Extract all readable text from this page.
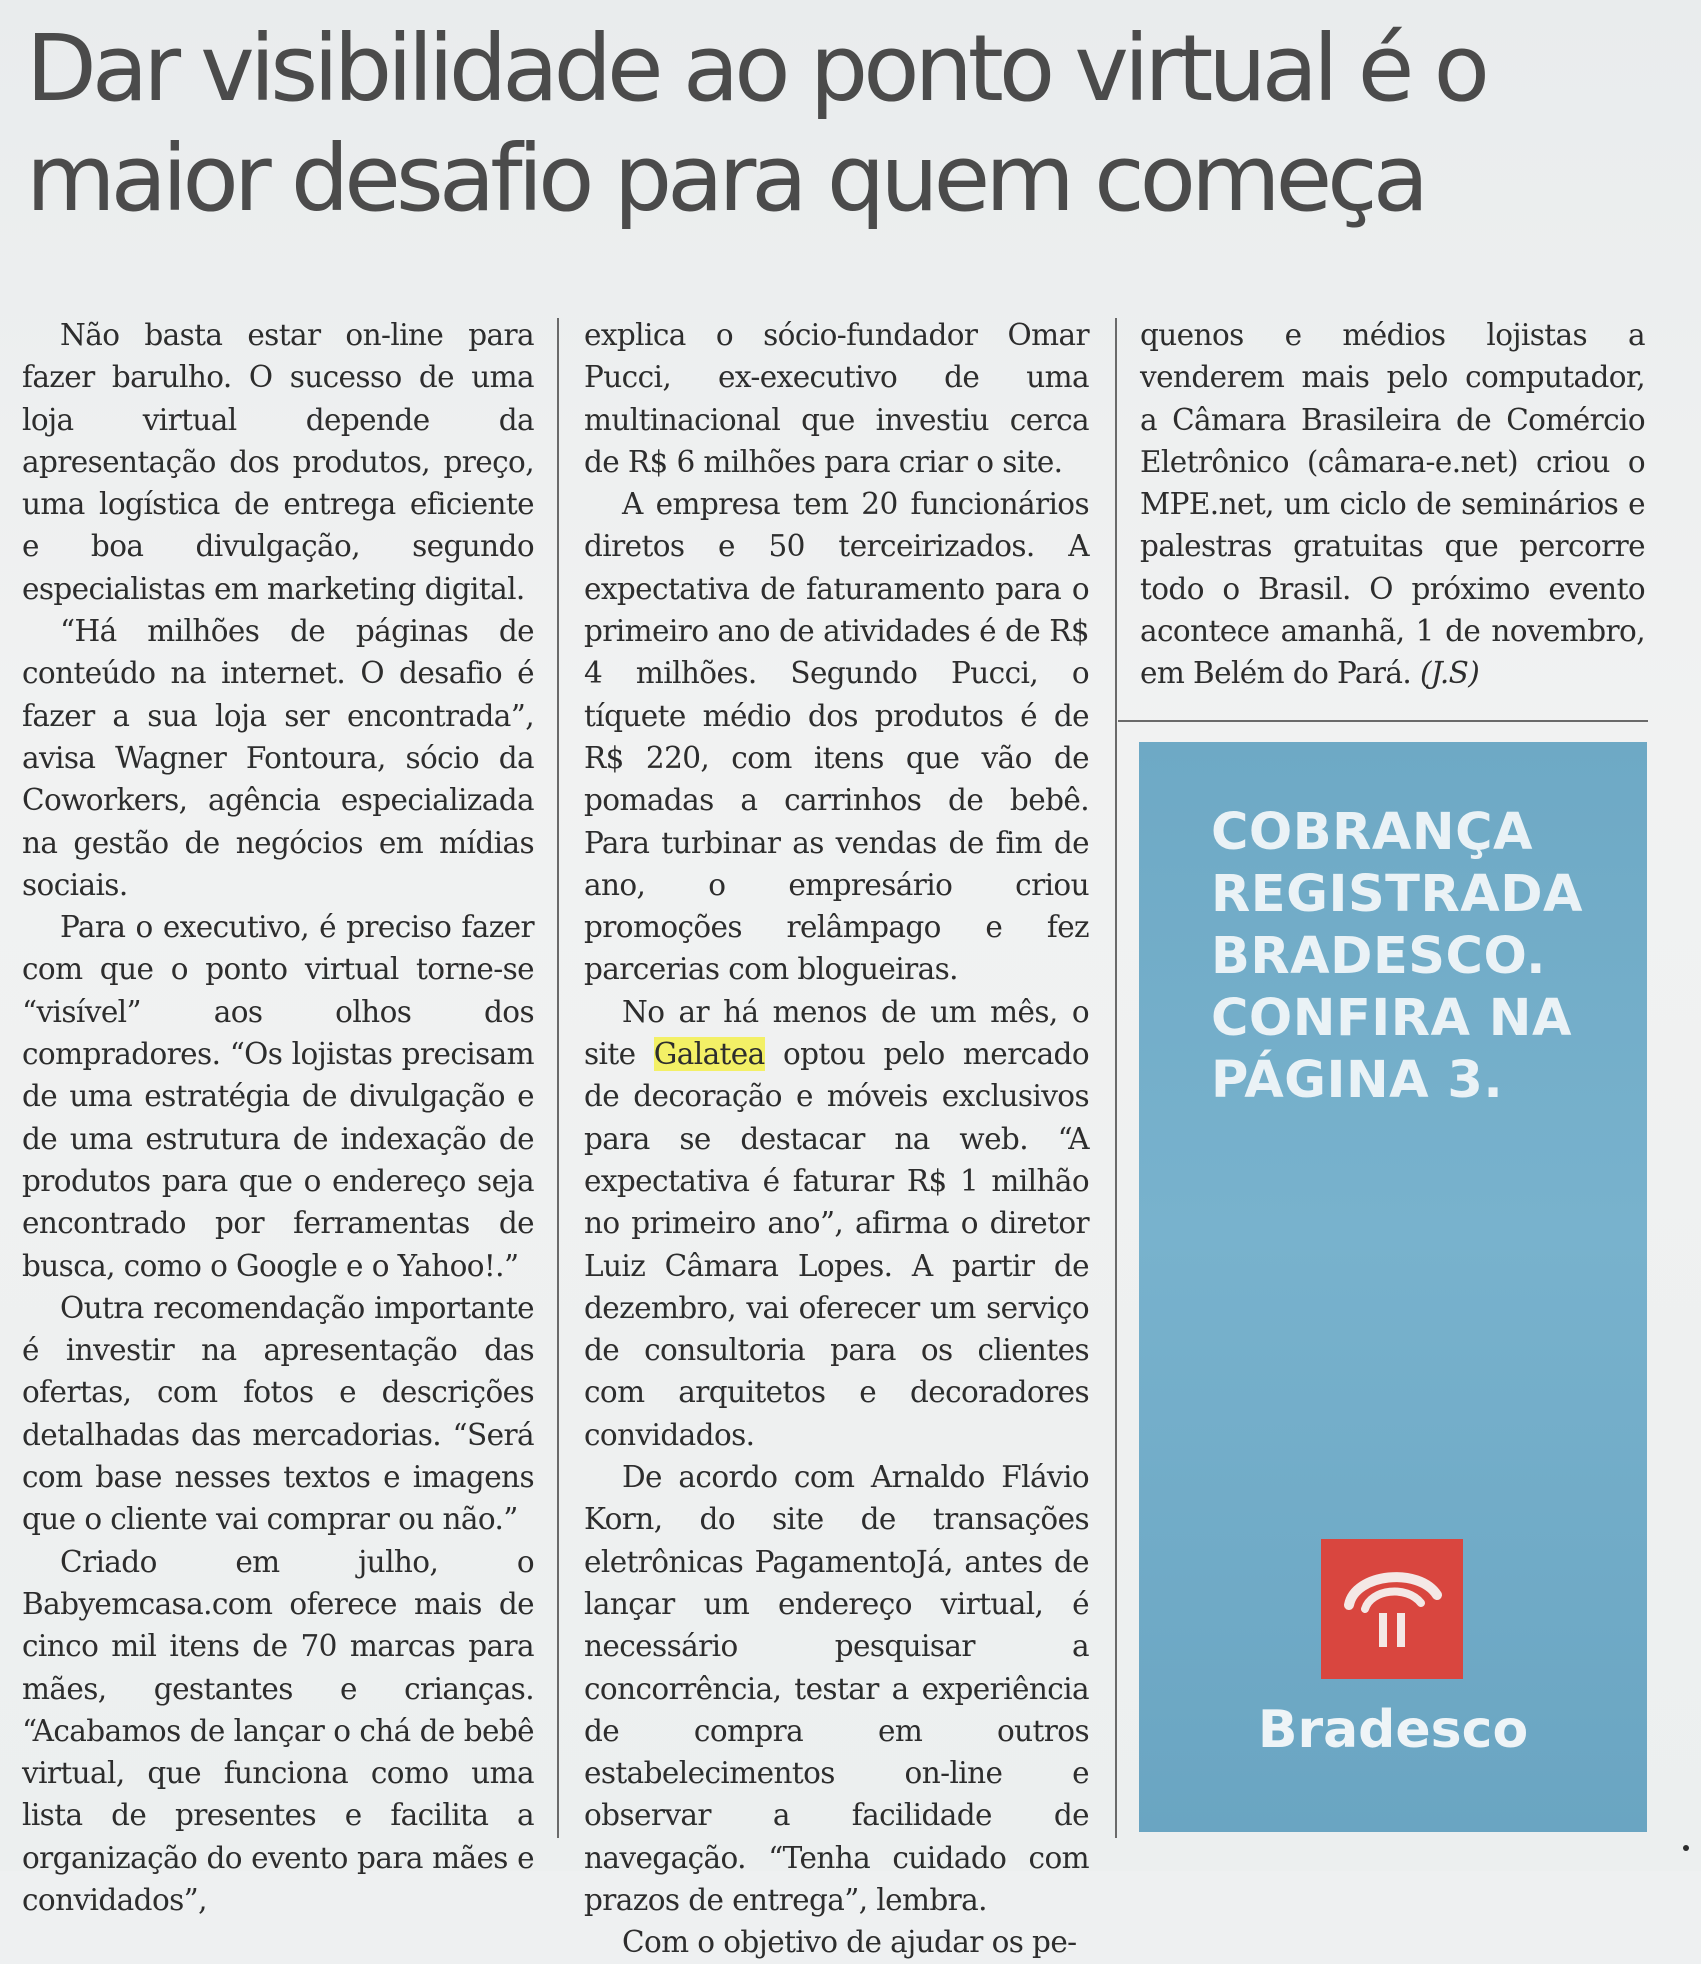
Dar visibilidade ao ponto virtual é o
maior desafio para quem começa

Não basta estar on-line para fazer barulho. O sucesso de uma loja virtual depende da apresentação dos produtos, preço, uma logística de entrega eficiente e boa divulgação, segundo especialistas em marketing digital.

“Há milhões de páginas de conteúdo na internet. O desafio é fazer a sua loja ser encontrada”, avisa Wagner Fontoura, sócio da Coworkers, agência especializada na gestão de negócios em mídias sociais.

Para o executivo, é preciso fazer com que o ponto virtual torne-se “visível” aos olhos dos compradores. “Os lojistas precisam de uma estratégia de divulgação e de uma estrutura de indexação de produtos para que o endereço seja encontrado por ferramentas de busca, como o Google e o Yahoo!.”

Outra recomendação importante é investir na apresentação das ofertas, com fotos e descrições detalhadas das mercadorias. “Será com base nesses textos e imagens que o cliente vai comprar ou não.”

Criado em julho, o Babyemcasa.com oferece mais de cinco mil itens de 70 marcas para mães, gestantes e crianças. “Acabamos de lançar o chá de bebê virtual, que funciona como uma lista de presentes e facilita a organização do evento para mães e convidados”,

explica o sócio-fundador Omar Pucci, ex-executivo de uma multinacional que investiu cerca de R$ 6 milhões para criar o site.

A empresa tem 20 funcionários diretos e 50 terceirizados. A expectativa de faturamento para o primeiro ano de atividades é de R$ 4 milhões. Segundo Pucci, o tíquete médio dos produtos é de R$ 220, com itens que vão de pomadas a carrinhos de bebê. Para turbinar as vendas de fim de ano, o empresário criou promoções relâmpago e fez parcerias com blogueiras.

No ar há menos de um mês, o site Galatea optou pelo mercado de decoração e móveis exclusivos para se destacar na web. “A expectativa é faturar R$ 1 milhão no primeiro ano”, afirma o diretor Luiz Câmara Lopes. A partir de dezembro, vai oferecer um serviço de consultoria para os clientes com arquitetos e decoradores convidados.

De acordo com Arnaldo Flávio Korn, do site de transações eletrônicas PagamentoJá, antes de lançar um endereço virtual, é necessário pesquisar a concorrência, testar a experiência de compra em outros estabelecimentos on-line e observar a facilidade de navegação. “Tenha cuidado com prazos de entrega”, lembra.

Com o objetivo de ajudar os pe-

quenos e médios lojistas a venderem mais pelo computador, a Câmara Brasileira de Comércio Eletrônico (câmara-e.net) criou o MPE.net, um ciclo de seminários e palestras gratuitas que percorre todo o Brasil. O próximo evento acontece amanhã, 1 de novembro, em Belém do Pará. (J.S)

COBRANÇA
REGISTRADA
BRADESCO.
CONFIRA NA
PÁGINA 3.

Bradesco
